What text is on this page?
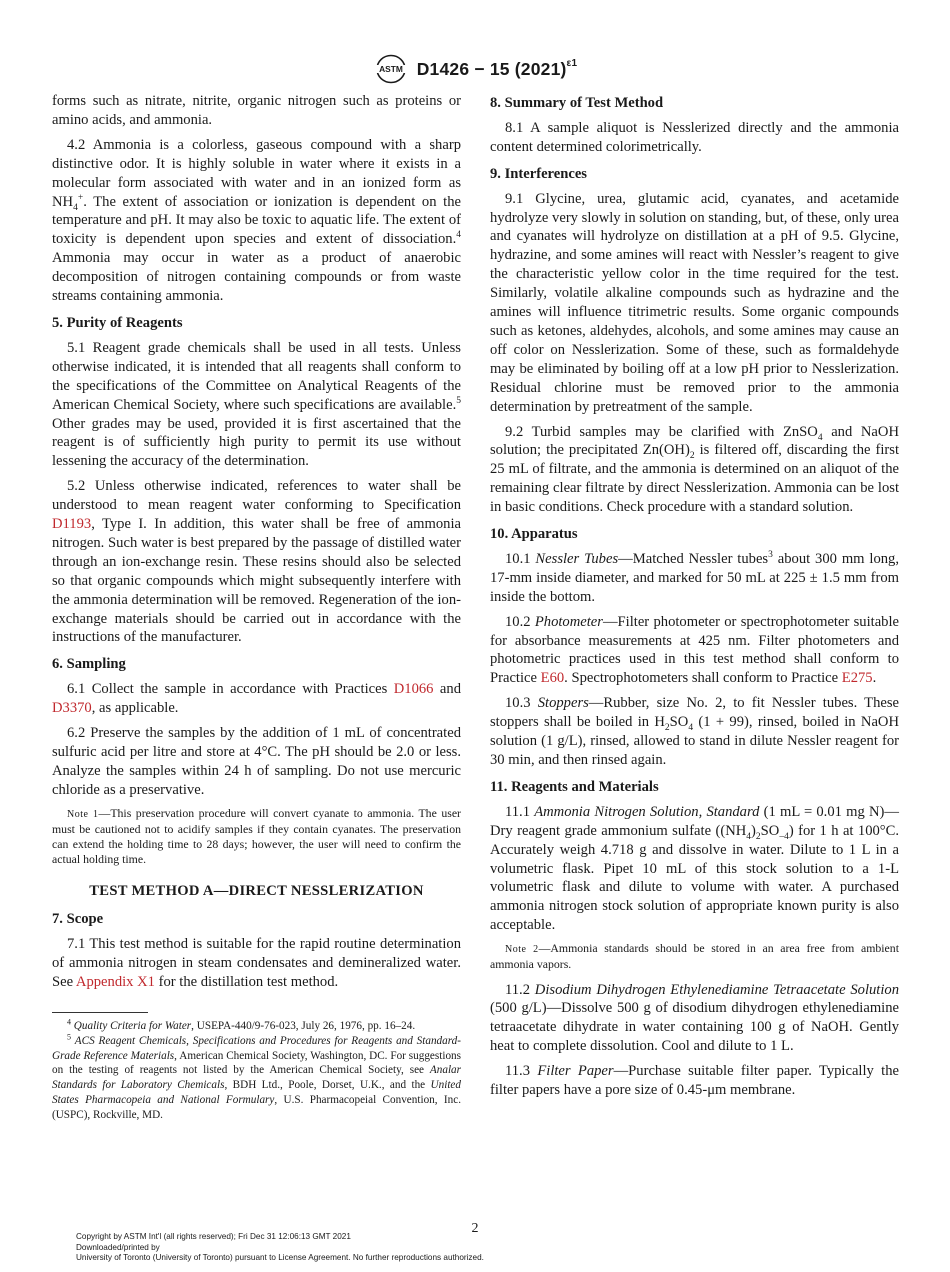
ASTM D1426 − 15 $(2021)^{\varepsilon 1}$

forms such as nitrate, nitrite, organic nitrogen such as proteins or amino acids, and ammonia.

4.2 Ammonia is a colorless, gaseous compound with a sharp distinctive odor. It is highly soluble in water where it exists in a molecular form associated with water and in an ionized form as $NH_4^+$. The extent of association or ionization is dependent on the temperature and pH. It may also be toxic to aquatic life. The extent of toxicity is dependent upon species and extent of dissociation.$^4$ Ammonia may occur in water as a product of anaerobic decomposition of nitrogen containing compounds or from waste streams containing ammonia.

5. Purity of Reagents

5.1 Reagent grade chemicals shall be used in all tests. Unless otherwise indicated, it is intended that all reagents shall conform to the specifications of the Committee on Analytical Reagents of the American Chemical Society, where such specifications are available.$^5$ Other grades may be used, provided it is first ascertained that the reagent is of sufficiently high purity to permit its use without lessening the accuracy of the determination.

5.2 Unless otherwise indicated, references to water shall be understood to mean reagent water conforming to Specification D1193, Type I. In addition, this water shall be free of ammonia nitrogen. Such water is best prepared by the passage of distilled water through an ion-exchange resin. These resins should also be selected so that organic compounds which might subsequently interfere with the ammonia determination will be removed. Regeneration of the ion-exchange materials should be carried out in accordance with the instructions of the manufacturer.

6. Sampling

6.1 Collect the sample in accordance with Practices D1066 and D3370, as applicable.

6.2 Preserve the samples by the addition of 1 mL of concentrated sulfuric acid per litre and store at 4°C. The pH should be 2.0 or less. Analyze the samples within 24 h of sampling. Do not use mercuric chloride as a preservative.

Note 1—This preservation procedure will convert cyanate to ammonia. The user must be cautioned not to acidify samples if they contain cyanates. The preservation can extend the holding time to 28 days; however, the user will need to confirm the actual holding time.
TEST METHOD A—DIRECT NESSLERIZATION
7. Scope

7.1 This test method is suitable for the rapid routine determination of ammonia nitrogen in steam condensates and demineralized water. See Appendix X1 for the distillation test method.

$^4$ Quality Criteria for Water, USEPA-440/9-76-023, July 26, 1976, pp. 16–24.

$^5$ ACS Reagent Chemicals, Specifications and Procedures for Reagents and Standard-Grade Reference Materials, American Chemical Society, Washington, DC. For suggestions on the testing of reagents not listed by the American Chemical Society, see Analar Standards for Laboratory Chemicals, BDH Ltd., Poole, Dorset, U.K., and the United States Pharmacopeia and National Formulary, U.S. Pharmacopeial Convention, Inc. (USPC), Rockville, MD.

8. Summary of Test Method

8.1 A sample aliquot is Nesslerized directly and the ammonia content determined colorimetrically.

9. Interferences

9.1 Glycine, urea, glutamic acid, cyanates, and acetamide hydrolyze very slowly in solution on standing, but, of these, only urea and cyanates will hydrolyze on distillation at a pH of 9.5. Glycine, hydrazine, and some amines will react with Nessler’s reagent to give the characteristic yellow color in the time required for the test. Similarly, volatile alkaline compounds such as hydrazine and the amines will influence titrimetric results. Some organic compounds such as ketones, aldehydes, alcohols, and some amines may cause an off color on Nesslerization. Some of these, such as formaldehyde may be eliminated by boiling off at a low pH prior to Nesslerization. Residual chlorine must be removed prior to the ammonia determination by pretreatment of the sample.

9.2 Turbid samples may be clarified with ZnSO$_4$ and NaOH solution; the precipitated $Zn(OH)_2$ is filtered off, discarding the first 25 mL of filtrate, and the ammonia is determined on an aliquot of the remaining clear filtrate by direct Nesslerization. Ammonia can be lost in basic conditions. Check procedure with a standard solution.

10. Apparatus

10.1 Nessler Tubes—Matched Nessler tubes$^3$ about 300 mm long, 17-mm inside diameter, and marked for 50 mL at 225 ± 1.5 mm from inside the bottom.

10.2 Photometer—Filter photometer or spectrophotometer suitable for absorbance measurements at 425 nm. Filter photometers and photometric practices used in this test method shall conform to Practice E60. Spectrophotometers shall conform to Practice E275.

10.3 Stoppers—Rubber, size No. 2, to fit Nessler tubes. These stoppers shall be boiled in $H_2SO_4$ (1 + 99), rinsed, boiled in NaOH solution (1 g/L), rinsed, allowed to stand in dilute Nessler reagent for 30 min, and then rinsed again.

11. Reagents and Materials

11.1 Ammonia Nitrogen Solution, Standard (1 mL = 0.01 mg N)—Dry reagent grade ammonium sulfate $((NH_4)_2SO_{-4})$ for 1 h at 100°C. Accurately weigh 4.718 g and dissolve in water. Dilute to 1 L in a volumetric flask. Pipet 10 mL of this stock solution to a 1-L volumetric flask and dilute to volume with water. A purchased ammonia nitrogen stock solution of appropriate known purity is also acceptable.

Note 2—Ammonia standards should be stored in an area free from ambient ammonia vapors.

11.2 Disodium Dihydrogen Ethylenediamine Tetraacetate Solution (500 g/L)—Dissolve 500 g of disodium dihydrogen ethylenediamine tetraacetate dihydrate in water containing 100 g of NaOH. Gently heat to complete dissolution. Cool and dilute to 1 L.

11.3 Filter Paper—Purchase suitable filter paper. Typically the filter papers have a pore size of 0.45-μm membrane.

2
Copyright by ASTM Int'l (all rights reserved); Fri Dec 31 12:06:13 GMT 2021
Downloaded/printed by
University of Toronto (University of Toronto) pursuant to License Agreement. No further reproductions authorized.
